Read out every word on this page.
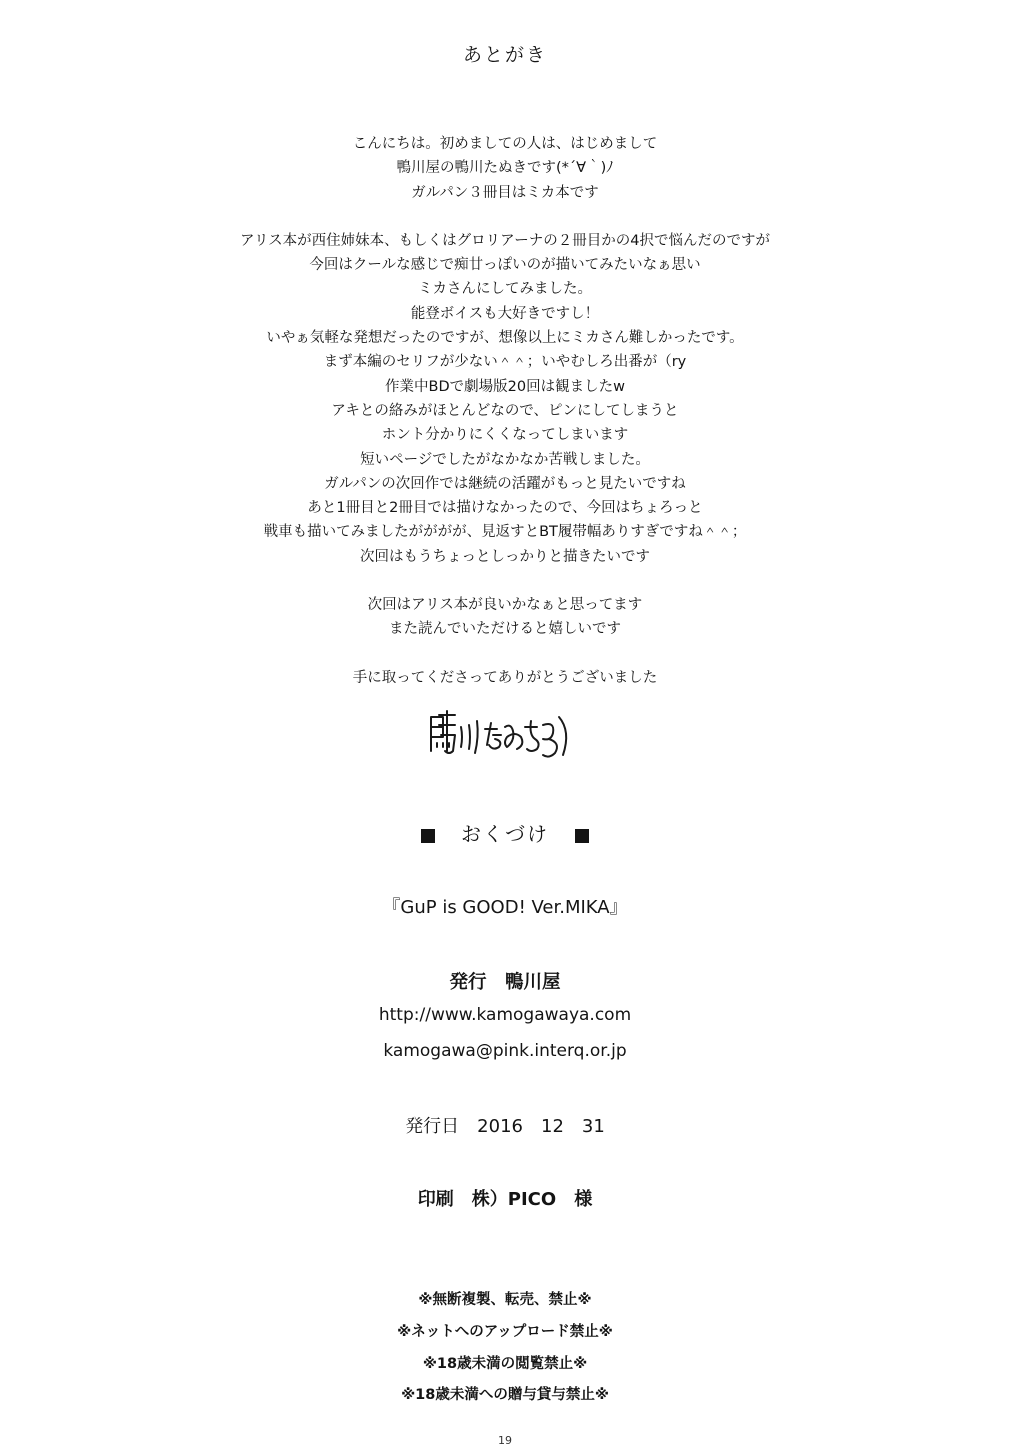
あとがき

こんにちは。初めましての人は、はじめまして

鴨川屋の鴨川たぬきです(*´∀｀)ﾉ

ガルパン３冊目はミカ本です

アリス本が西住姉妹本、もしくはグロリアーナの２冊目かの4択で悩んだのですが

今回はクールな感じで痴廿っぽいのが描いてみたいなぁ思い

ミカさんにしてみました。

能登ボイスも大好きですし！

いやぁ気軽な発想だったのですが、想像以上にミカさん難しかったです。

まず本編のセリフが少ない＾＾；いやむしろ出番が（ry

作業中BDで劇場版20回は観ましたw

アキとの絡みがほとんどなので、ピンにしてしまうと

ホント分かりにくくなってしまいます

短いページでしたがなかなか苦戦しました。

ガルパンの次回作では継続の活躍がもっと見たいですね

あと1冊目と2冊目では描けなかったので、今回はちょろっと

戦車も描いてみましたがががが、見返すとBT履帯幅ありすぎですね＾＾；

次回はもうちょっとしっかりと描きたいです

次回はアリス本が良いかなぁと思ってます

また読んでいただけると嬉しいです

手に取ってくださってありがとうございました

おくづけ
『GuP is GOOD! Ver.MIKA』
発行　鴨川屋
http://www.kamogawaya.com
kamogawa@pink.interq.or.jp
発行日　2016　12　31
印刷　株）PICO　様
※無断複製、転売、禁止※
※ネットへのアップロード禁止※
※18歳未満の閲覧禁止※
※18歳未満への贈与貸与禁止※
19
